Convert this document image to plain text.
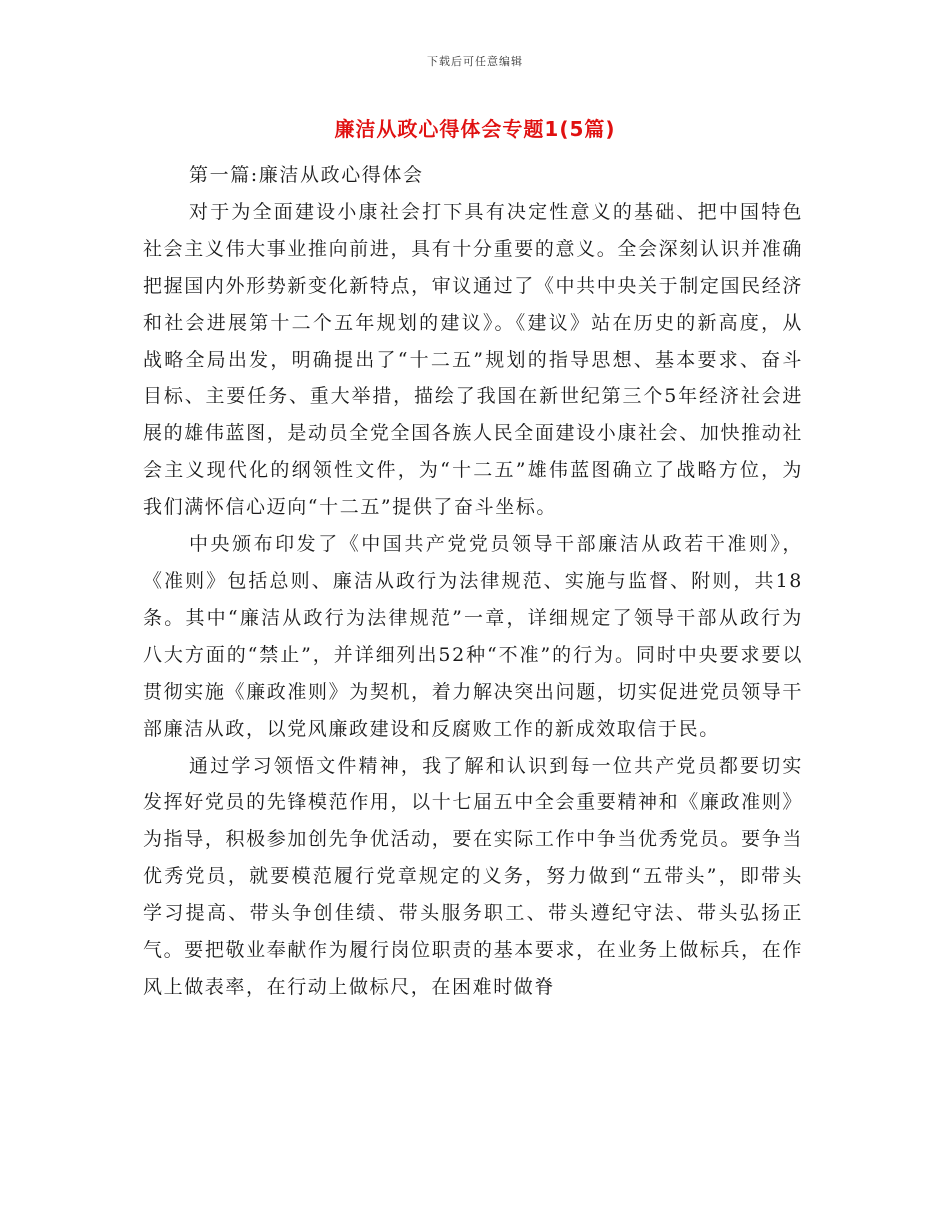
下载后可任意编辑
廉洁从政心得体会专题1(5篇)

第一篇:廉洁从政心得体会

对于为全面建设小康社会打下具有决定性意义的基础、把中国特色社会主义伟大事业推向前进，具有十分重要的意义。全会深刻认识并准确把握国内外形势新变化新特点，审议通过了《中共中央关于制定国民经济和社会进展第十二个五年规划的建议》。《建议》站在历史的新高度，从战略全局出发，明确提出了“十二五”规划的指导思想、基本要求、奋斗目标、主要任务、重大举措，描绘了我国在新世纪第三个5年经济社会进展的雄伟蓝图，是动员全党全国各族人民全面建设小康社会、加快推动社会主义现代化的纲领性文件，为“十二五”雄伟蓝图确立了战略方位，为我们满怀信心迈向“十二五”提供了奋斗坐标。

中央颁布印发了《中国共产党党员领导干部廉洁从政若干准则》，《准则》包括总则、廉洁从政行为法律规范、实施与监督、附则，共18条。其中“廉洁从政行为法律规范”一章，详细规定了领导干部从政行为八大方面的“禁止”，并详细列出52种“不准”的行为。同时中央要求要以贯彻实施《廉政准则》为契机，着力解决突出问题，切实促进党员领导干部廉洁从政，以党风廉政建设和反腐败工作的新成效取信于民。

通过学习领悟文件精神，我了解和认识到每一位共产党员都要切实发挥好党员的先锋模范作用，以十七届五中全会重要精神和《廉政准则》为指导，积极参加创先争优活动，要在实际工作中争当优秀党员。要争当优秀党员，就要模范履行党章规定的义务，努力做到“五带头”，即带头学习提高、带头争创佳绩、带头服务职工、带头遵纪守法、带头弘扬正气。要把敬业奉献作为履行岗位职责的基本要求，在业务上做标兵，在作风上做表率，在行动上做标尺，在困难时做脊
